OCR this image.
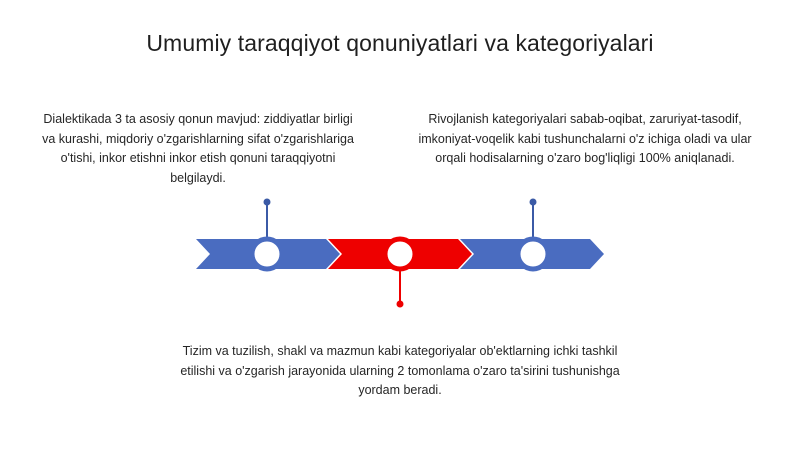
Umumiy taraqqiyot qonuniyatlari va kategoriyalari
Dialektikada 3 ta asosiy qonun mavjud: ziddiyatlar birligi va kurashi, miqdoriy o'zgarishlarning sifat o'zgarishlariga o'tishi, inkor etishni inkor etish qonuni taraqqiyotni belgilaydi.
Rivojlanish kategoriyalari sabab-oqibat, zaruriyat-tasodif, imkoniyat-voqelik kabi tushunchalarni o'z ichiga oladi va ular orqali hodisalarning o'zaro bog'liqligi 100% aniqlanadi.
Tizim va tuzilish, shakl va mazmun kabi kategoriyalar ob'ektlarning ichki tashkil etilishi va o'zgarish jarayonida ularning 2 tomonlama o'zaro ta'sirini tushunishga yordam beradi.
